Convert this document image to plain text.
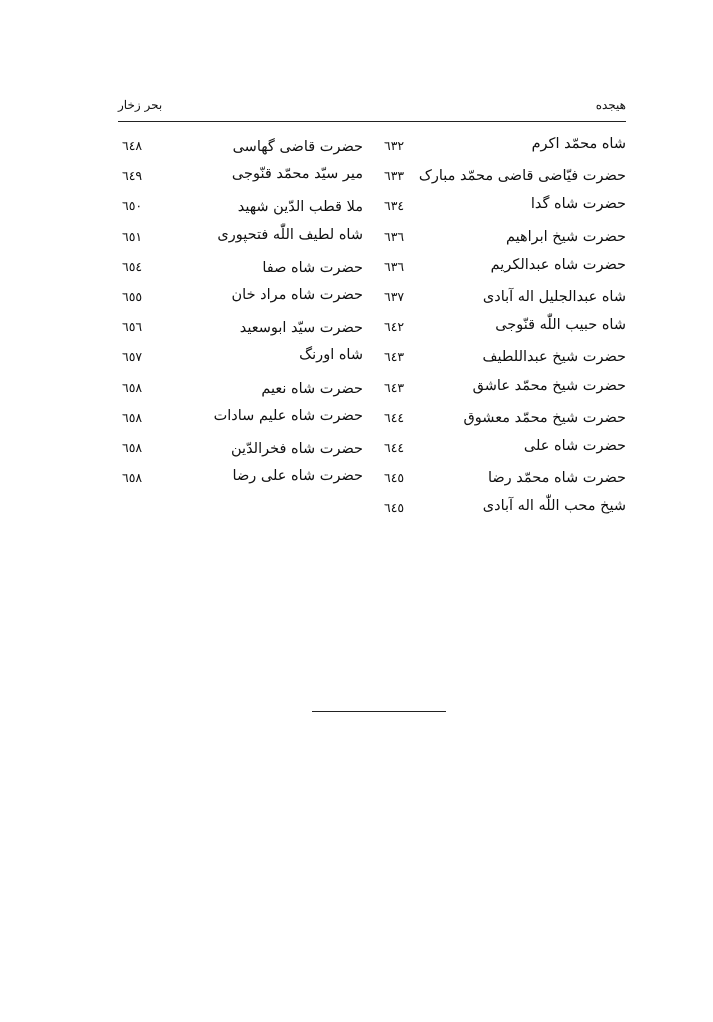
بحر زخار	هیجده
شاه محمّد اکرم
٦٣٢
حضرت فیّاضی قاضی محمّد مبارک
٦٣٣
حضرت شاه گدا
٦٣٤
حضرت شیخ ابراهیم
٦٣٦
حضرت شاه عبدالکریم
٦٣٦
شاه عبدالجلیل اله آبادی
٦٣٧
شاه حبیب اللّٰه قنّوجی
٦٤٢
حضرت شیخ عبداللطیف
٦٤٣
حضرت شیخ محمّد عاشق
٦٤٣
حضرت شیخ محمّد معشوق
٦٤٤
حضرت شاه علی
٦٤٤
حضرت شاه محمّد رضا
٦٤٥
شیخ محب اللّٰه اله آبادی
٦٤٥
حضرت قاضی گهاسی
٦٤٨
میر سیّد محمّد قنّوجی
٦٤٩
ملا قطب الدّین شهید
٦٥٠
شاه لطیف اللّٰه فتحپوری
٦٥١
حضرت شاه صفا
٦٥٤
حضرت شاه مراد خان
٦٥٥
حضرت سیّد ابوسعید
٦٥٦
شاه اورنگ
٦٥٧
حضرت شاه نعیم
٦٥٨
حضرت شاه علیم سادات
٦٥٨
حضرت شاه فخرالدّین
٦٥٨
حضرت شاه علی رضا
٦٥٨
